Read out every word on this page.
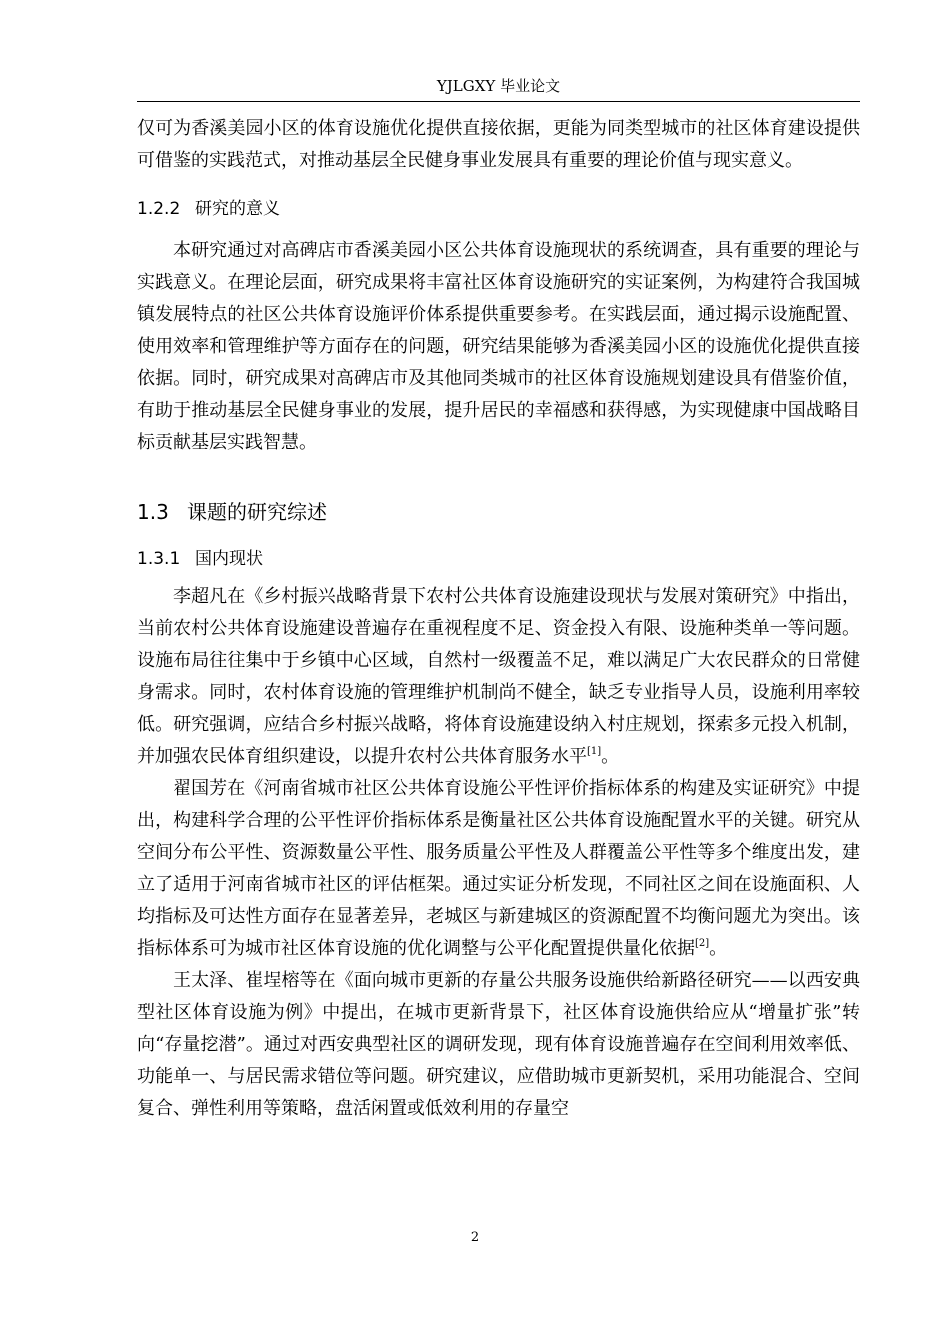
YJLGXY 毕业论文

仅可为香溪美园小区的体育设施优化提供直接依据，更能为同类型城市的社区体育建设提供可借鉴的实践范式，对推动基层全民健身事业发展具有重要的理论价值与现实意义。

1.2.2 研究的意义

本研究通过对高碑店市香溪美园小区公共体育设施现状的系统调查，具有重要的理论与实践意义。在理论层面，研究成果将丰富社区体育设施研究的实证案例，为构建符合我国城镇发展特点的社区公共体育设施评价体系提供重要参考。在实践层面，通过揭示设施配置、使用效率和管理维护等方面存在的问题，研究结果能够为香溪美园小区的设施优化提供直接依据。同时，研究成果对高碑店市及其他同类城市的社区体育设施规划建设具有借鉴价值，有助于推动基层全民健身事业的发展，提升居民的幸福感和获得感，为实现健康中国战略目标贡献基层实践智慧。

1.3 课题的研究综述
1.3.1 国内现状

李超凡在《乡村振兴战略背景下农村公共体育设施建设现状与发展对策研究》中指出，当前农村公共体育设施建设普遍存在重视程度不足、资金投入有限、设施种类单一等问题。设施布局往往集中于乡镇中心区域，自然村一级覆盖不足，难以满足广大农民群众的日常健身需求。同时，农村体育设施的管理维护机制尚不健全，缺乏专业指导人员，设施利用率较低。研究强调，应结合乡村振兴战略，将体育设施建设纳入村庄规划，探索多元投入机制，并加强农民体育组织建设，以提升农村公共体育服务水平[1]。

翟国芳在《河南省城市社区公共体育设施公平性评价指标体系的构建及实证研究》中提出，构建科学合理的公平性评价指标体系是衡量社区公共体育设施配置水平的关键。研究从空间分布公平性、资源数量公平性、服务质量公平性及人群覆盖公平性等多个维度出发，建立了适用于河南省城市社区的评估框架。通过实证分析发现，不同社区之间在设施面积、人均指标及可达性方面存在显著差异，老城区与新建城区的资源配置不均衡问题尤为突出。该指标体系可为城市社区体育设施的优化调整与公平化配置提供量化依据[2]。

王太泽、崔埕榕等在《面向城市更新的存量公共服务设施供给新路径研究——以西安典型社区体育设施为例》中提出，在城市更新背景下，社区体育设施供给应从“增量扩张”转向“存量挖潜”。通过对西安典型社区的调研发现，现有体育设施普遍存在空间利用效率低、功能单一、与居民需求错位等问题。研究建议，应借助城市更新契机，采用功能混合、空间复合、弹性利用等策略，盘活闲置或低效利用的存量空

2
